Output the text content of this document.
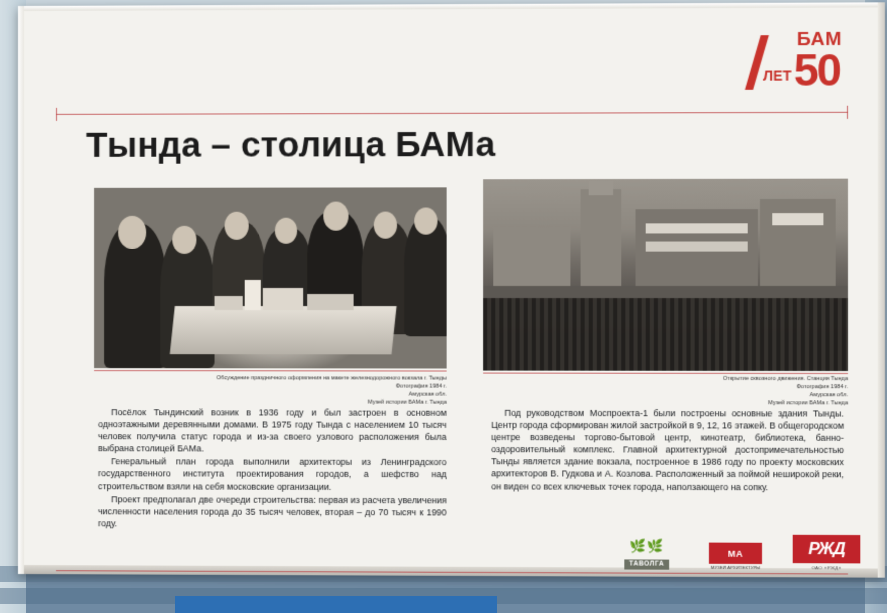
БАМ
ЛЕТ 50
Тында – столица БАМа
Обсуждение праздничного оформления на макете железнодорожного вокзала г. Тынды
Фотография 1984 г.
Амурская обл.
Музей истории БАМа г. Тында
Открытие сквозного движения. Станция Тында
Фотография 1984 г.
Амурская обл.
Музей истории БАМа г. Тында

Посёлок Тындинский возник в 1936 году и был застроен в основном одноэтажными деревянными домами. В 1975 году Тында с населением 10 тысяч человек получила статус города и из-за своего узлового расположения была выбрана столицей БАМа.

Генеральный план города выполнили архитекторы из Ленинградского государственного института проектирования городов, а шефство над строительством взяли на себя московские организации.

Проект предполагал две очереди строительства: первая из расчета увеличения численности населения города до 35 тысяч человек, вторая – до 70 тысяч к 1990 году.

Под руководством Моспроекта-1 были построены основные здания Тынды. Центр города сформирован жилой застройкой в 9, 12, 16 этажей. В общегородском центре возведены торгово-бытовой центр, кинотеатр, библиотека, банно-оздоровительный комплекс. Главной архитектурной достопримечательностью Тынды является здание вокзала, построенное в 1986 году по проекту московских архитекторов В. Гудкова и А. Козлова. Расположенный за поймой неширокой реки, он виден со всех ключевых точек города, наползающего на сопку.

🌿🌿
ТАВОЛГА
МА
МУЗЕЙ АРХИТЕКТУРЫ
РЖД
ОАО «РЖД»
